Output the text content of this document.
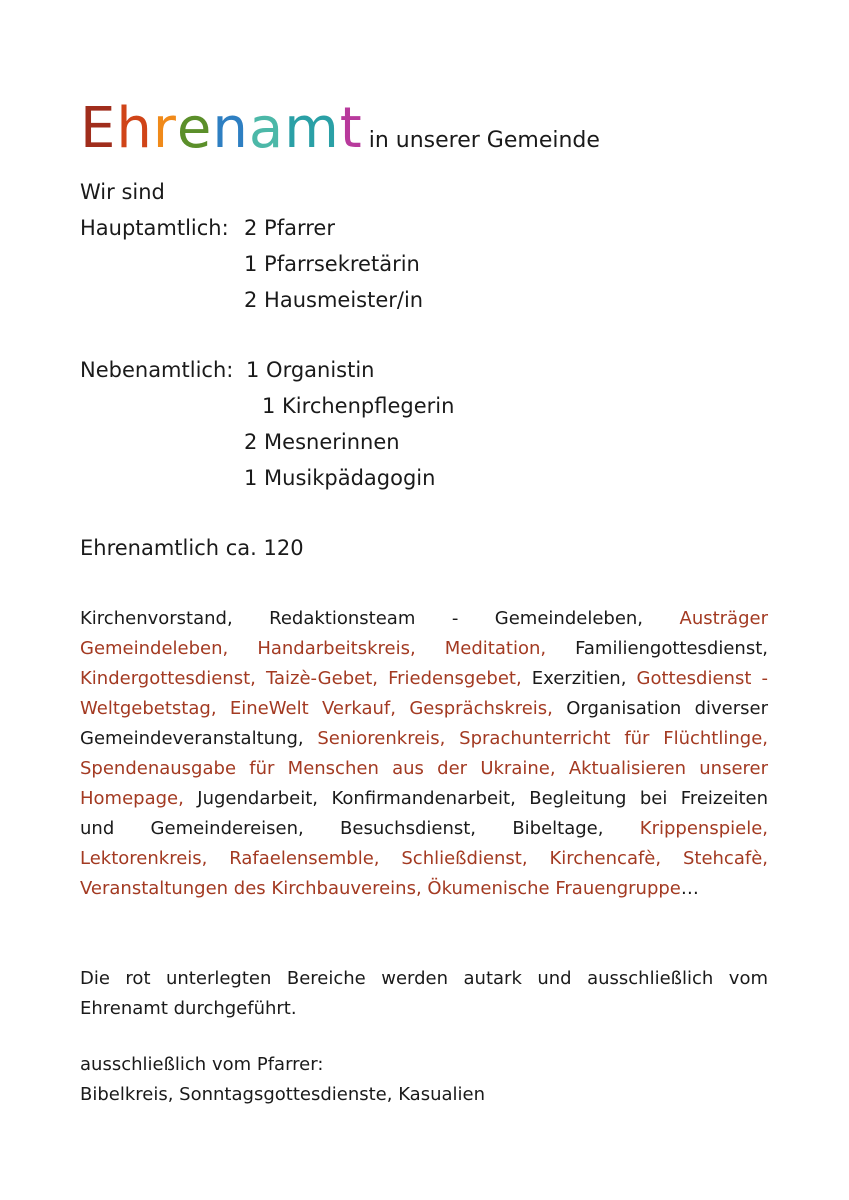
Ehrenamt in unserer Gemeinde
Wir sind
Hauptamtlich: 2 Pfarrer
1 Pfarrsekretärin
2 Hausmeister/in
Nebenamtlich: 1 Organistin
1 Kirchenpflegerin
2 Mesnerinnen
1 Musikpädagogin
Ehrenamtlich ca. 120

Kirchenvorstand, Redaktionsteam - Gemeindeleben, Austräger Gemeindeleben, Handarbeitskreis, Meditation, Familiengottesdienst, Kindergottesdienst, Taizè-Gebet, Friedensgebet, Exerzitien, Gottesdienst - Weltgebetstag, EineWelt Verkauf, Gesprächskreis, Organisation diverser Gemeindeveranstaltung, Seniorenkreis, Sprachunterricht für Flüchtlinge, Spendenausgabe für Menschen aus der Ukraine, Aktualisieren unserer Homepage, Jugendarbeit, Konfirmandenarbeit, Begleitung bei Freizeiten und Gemeindereisen, Besuchsdienst, Bibeltage, Krippenspiele, Lektorenkreis, Rafaelensemble, Schließdienst, Kirchencafè, Stehcafè, Veranstaltungen des Kirchbauvereins, Ökumenische Frauengruppe…

Die rot unterlegten Bereiche werden autark und ausschließlich vom Ehrenamt durchgeführt.

ausschließlich vom Pfarrer:
Bibelkreis, Sonntagsgottesdienste, Kasualien
